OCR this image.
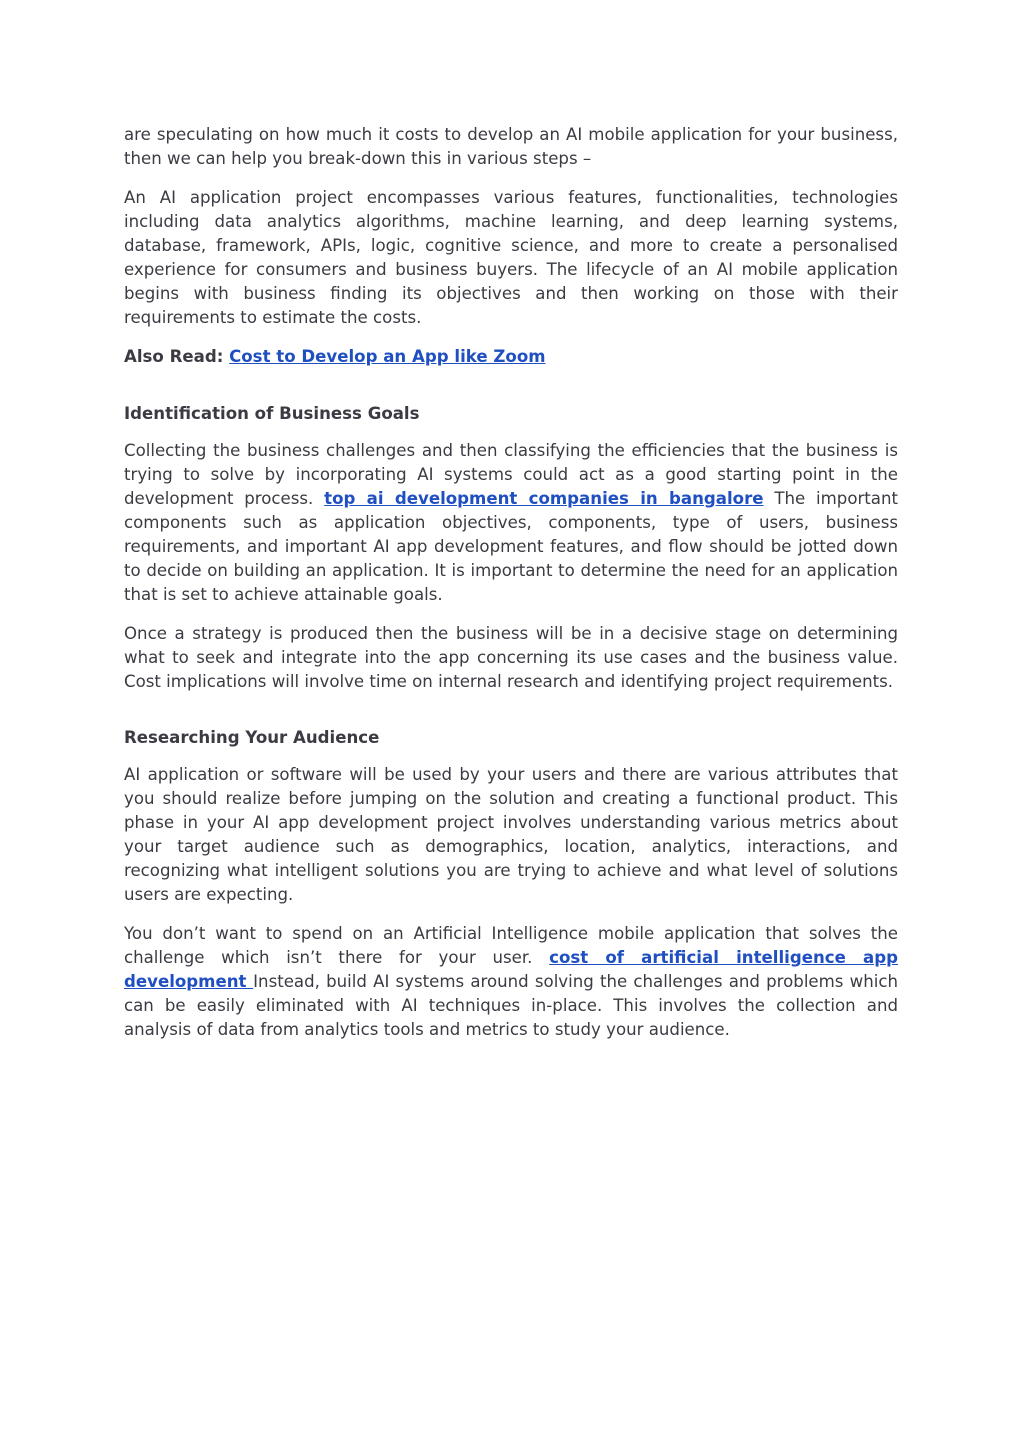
are speculating on how much it costs to develop an AI mobile application for your business, then we can help you break-down this in various steps –

An AI application project encompasses various features, functionalities, technologies including data analytics algorithms, machine learning, and deep learning systems, database, framework, APIs, logic, cognitive science, and more to create a personalised experience for consumers and business buyers. The lifecycle of an AI mobile application begins with business finding its objectives and then working on those with their requirements to estimate the costs.

Also Read: Cost to Develop an App like Zoom

Identification of Business Goals

Collecting the business challenges and then classifying the efficiencies that the business is trying to solve by incorporating AI systems could act as a good starting point in the development process. top ai development companies in bangalore The important components such as application objectives, components, type of users, business requirements, and important AI app development features, and flow should be jotted down to decide on building an application. It is important to determine the need for an application that is set to achieve attainable goals.

Once a strategy is produced then the business will be in a decisive stage on determining what to seek and integrate into the app concerning its use cases and the business value. Cost implications will involve time on internal research and identifying project requirements.

Researching Your Audience

AI application or software will be used by your users and there are various attributes that you should realize before jumping on the solution and creating a functional product. This phase in your AI app development project involves understanding various metrics about your target audience such as demographics, location, analytics, interactions, and recognizing what intelligent solutions you are trying to achieve and what level of solutions users are expecting.

You don’t want to spend on an Artificial Intelligence mobile application that solves the challenge which isn’t there for your user. cost of artificial intelligence app development Instead, build AI systems around solving the challenges and problems which can be easily eliminated with AI techniques in-place. This involves the collection and analysis of data from analytics tools and metrics to study your audience.
